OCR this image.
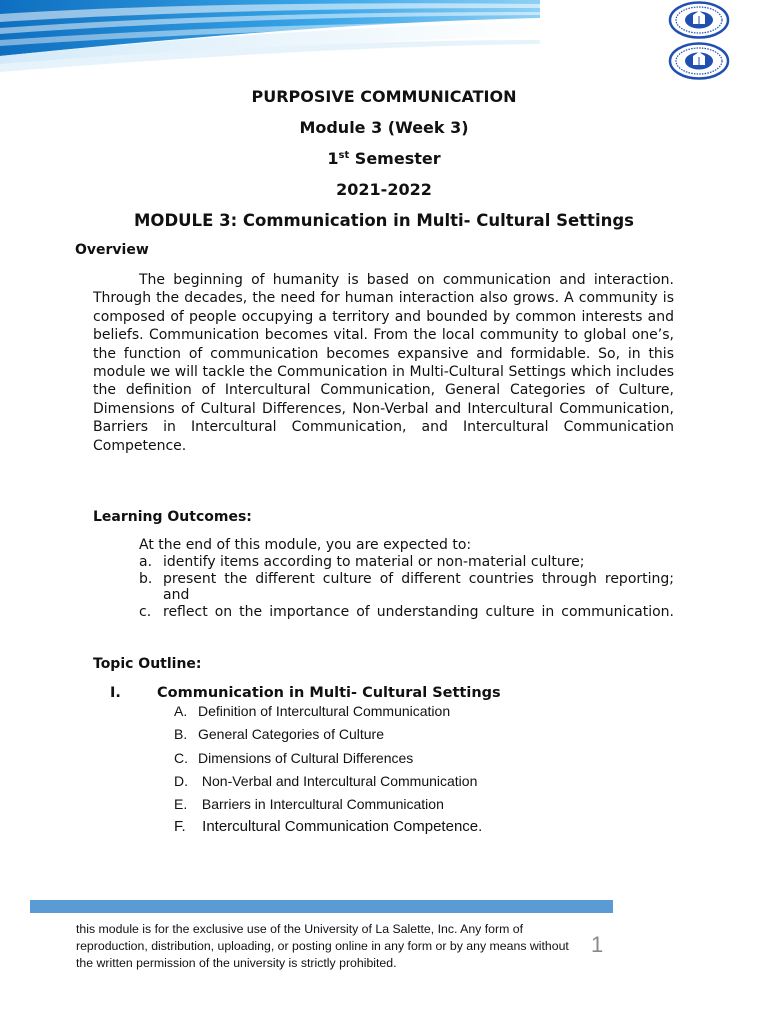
PURPOSIVE COMMUNICATION
Module 3 (Week 3)
1st Semester
2021-2022
MODULE 3: Communication in Multi- Cultural Settings
Overview

The beginning of humanity is based on communication and interaction. Through the decades, the need for human interaction also grows. A community is composed of people occupying a territory and bounded by common interests and beliefs. Communication becomes vital. From the local community to global one’s, the function of communication becomes expansive and formidable. So, in this module we will tackle the Communication in Multi-Cultural Settings which includes the definition of Intercultural Communication, General Categories of Culture, Dimensions of Cultural Differences, Non-Verbal and Intercultural Communication, Barriers in Intercultural Communication, and Intercultural Communication Competence.

Learning Outcomes:
At the end of this module, you are expected to:
a. identify items according to material or non-material culture;
b. present the different culture of different countries through reporting; and
c. reflect on the importance of understanding culture in communication.
Topic Outline:
I. Communication in Multi- Cultural Settings
A. Definition of Intercultural Communication
B. General Categories of Culture
C. Dimensions of Cultural Differences
D. Non-Verbal and Intercultural Communication
E. Barriers in Intercultural Communication
F. Intercultural Communication Competence.

this module is for the exclusive use of the University of La Salette, Inc. Any form of reproduction, distribution, uploading, or posting online in any form or by any means without the written permission of the university is strictly prohibited.

1
